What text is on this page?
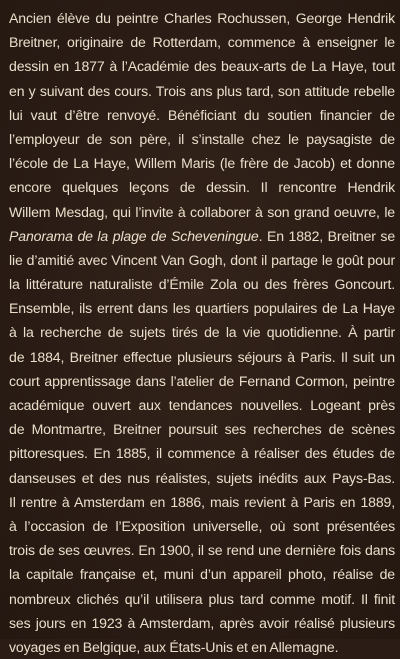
Ancien élève du peintre Charles Rochussen, George Hendrik
Breitner, originaire de Rotterdam, commence à enseigner le
dessin en 1877 à l’Académie des beaux-arts de La Haye, tout
en y suivant des cours. Trois ans plus tard, son attitude rebelle
lui vaut d’être renvoyé. Bénéficiant du soutien financier de
l’employeur de son père, il s’installe chez le paysagiste de
l’école de La Haye, Willem Maris (le frère de Jacob) et donne
encore quelques leçons de dessin. Il rencontre Hendrik
Willem Mesdag, qui l’invite à collaborer à son grand oeuvre, le
Panorama de la plage de Scheveningue. En 1882, Breitner se
lie d’amitié avec Vincent Van Gogh, dont il partage le goût pour
la littérature naturaliste d’Émile Zola ou des frères Goncourt.
Ensemble, ils errent dans les quartiers populaires de La Haye
à la recherche de sujets tirés de la vie quotidienne. À partir
de 1884, Breitner effectue plusieurs séjours à Paris. Il suit un
court apprentissage dans l’atelier de Fernand Cormon, peintre
académique ouvert aux tendances nouvelles. Logeant près
de Montmartre, Breitner poursuit ses recherches de scènes
pittoresques. En 1885, il commence à réaliser des études de
danseuses et des nus réalistes, sujets inédits aux Pays-Bas.
Il rentre à Amsterdam en 1886, mais revient à Paris en 1889,
à l’occasion de l’Exposition universelle, où sont présentées
trois de ses œuvres. En 1900, il se rend une dernière fois dans
la capitale française et, muni d’un appareil photo, réalise de
nombreux clichés qu’il utilisera plus tard comme motif. Il finit
ses jours en 1923 à Amsterdam, après avoir réalisé plusieurs
voyages en Belgique, aux États-Unis et en Allemagne.
